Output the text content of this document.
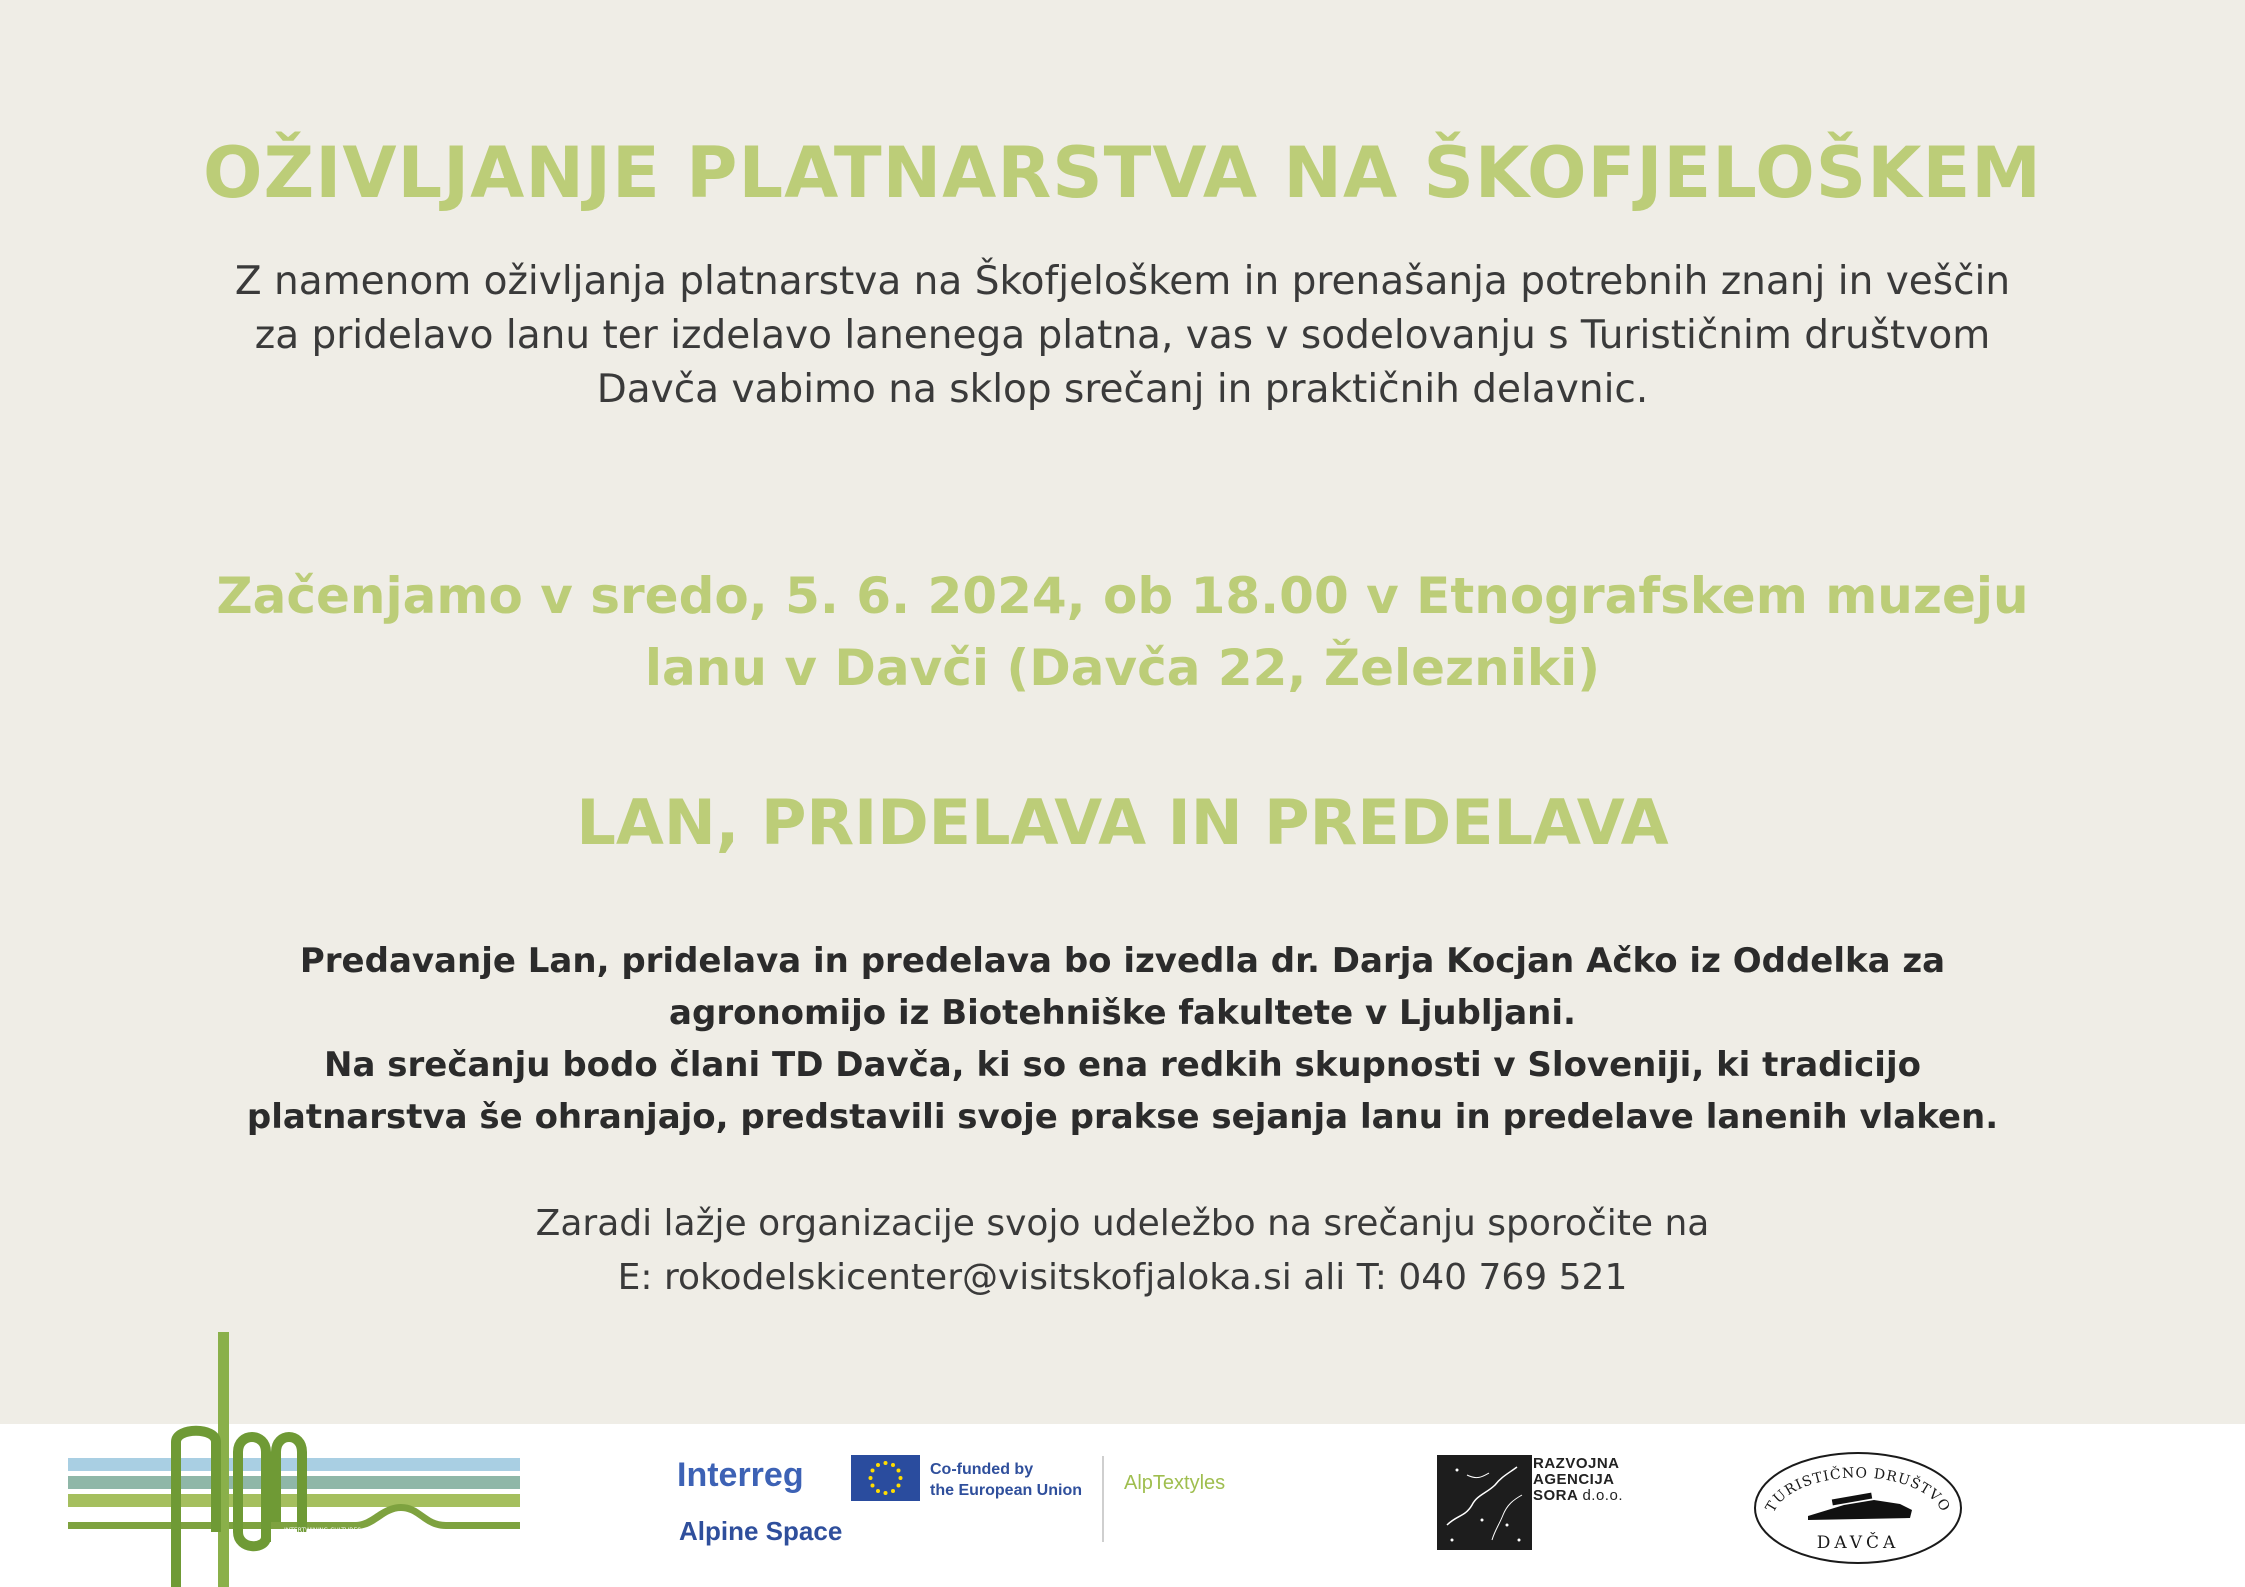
OŽIVLJANJE PLATNARSTVA NA ŠKOFJELOŠKEM
Z namenom oživljanja platnarstva na Škofjeloškem in prenašanja potrebnih znanj in veščin
za pridelavo lanu ter izdelavo lanenega platna, vas v sodelovanju s Turističnim društvom
Davča vabimo na sklop srečanj in praktičnih delavnic.
Začenjamo v sredo, 5. 6. 2024, ob 18.00 v Etnografskem muzeju
lanu v Davči (Davča 22, Železniki)
LAN, PRIDELAVA IN PREDELAVA
Predavanje Lan, pridelava in predelava bo izvedla dr. Darja Kocjan Ačko iz Oddelka za
agronomijo iz Biotehniške fakultete v Ljubljani.
Na srečanju bodo člani TD Davča, ki so ena redkih skupnosti v Sloveniji, ki tradicijo
platnarstva še ohranjajo, predstavili svoje prakse sejanja lanu in predelave lanenih vlaken.
Zaradi lažje organizacije svojo udeležbo na srečanju sporočite na
E: rokodelskicenter@visitskofjaloka.si ali T: 040 769 521
INTERTWINING CULTURES
Interreg
Alpine Space
Co-funded by
the European Union AlpTextyles
RAZVOJNA
AGENCIJA
SORA d.o.o.
TURISTIČNO DRUŠTVO
DAVČA
